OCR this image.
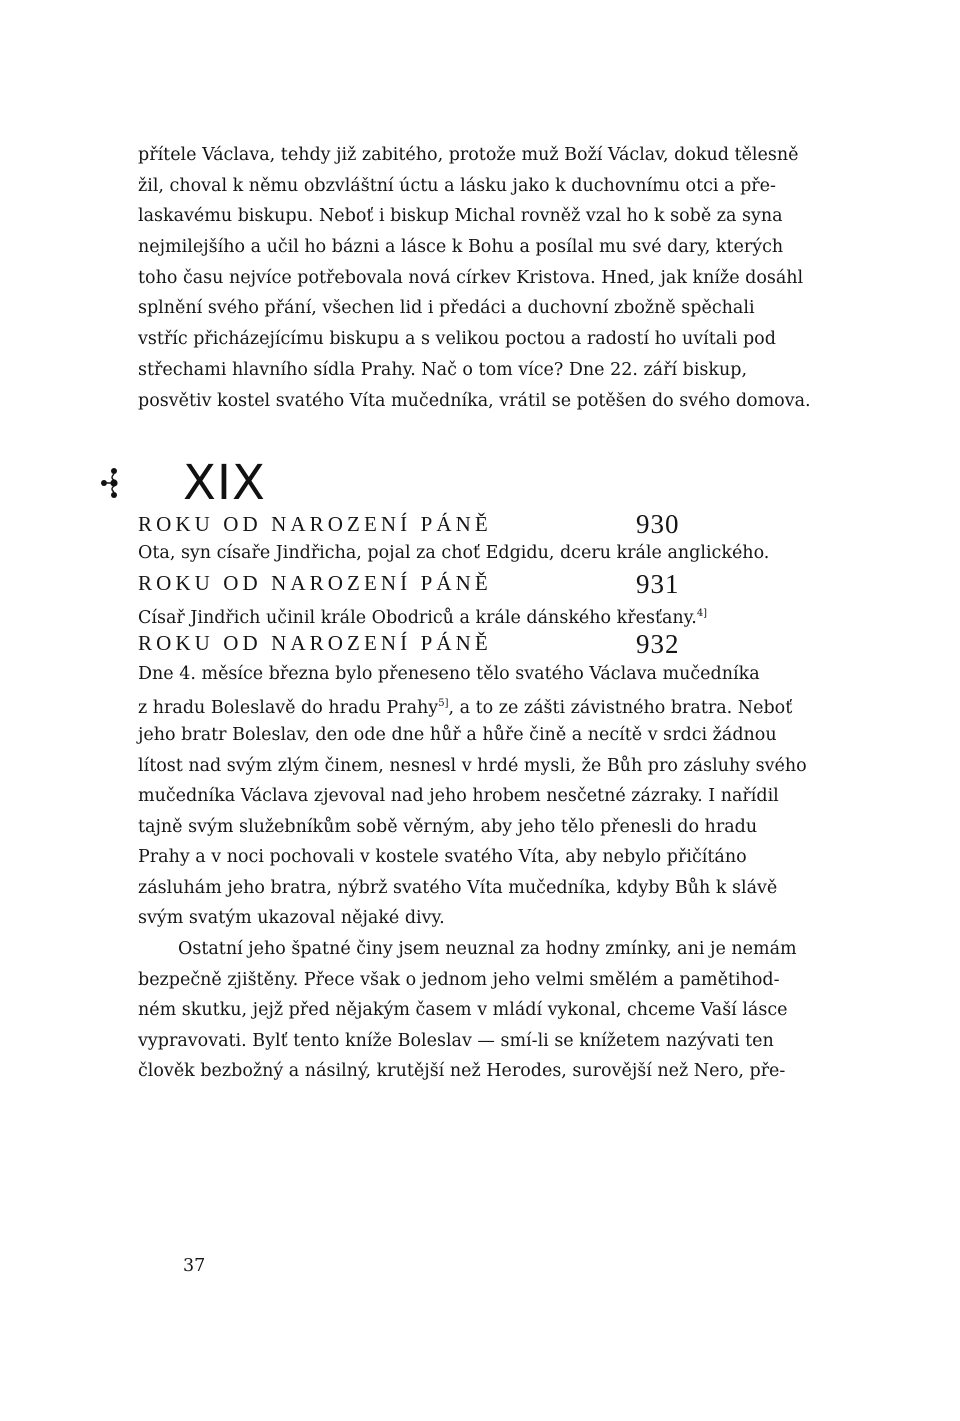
přítele Václava, tehdy již zabitého, protože muž Boží Václav, dokud tělesně
žil, choval k němu obzvláštní úctu a lásku jako k duchovnímu otci a pře-
laskavému biskupu. Neboť i biskup Michal rovněž vzal ho k sobě za syna
nejmilejšího a učil ho bázni a lásce k Bohu a posílal mu své dary, kterých
toho času nejvíce potřebovala nová církev Kristova. Hned, jak kníže dosáhl
splnění svého přání, všechen lid i předáci a duchovní zbožně spěchali
vstříc přicházejícímu biskupu a s velikou poctou a radostí ho uvítali pod
střechami hlavního sídla Prahy. Nač o tom více? Dne 22. září biskup,
posvětiv kostel svatého Víta mučedníka, vrátil se potěšen do svého domova.
XIX
ROKU OD NAROZENÍ PÁNĚ	930
Ota, syn císaře Jindřicha, pojal za choť Edgidu, dceru krále anglického.
ROKU OD NAROZENÍ PÁNĚ	931
Císař Jindřich učinil krále Obodriců a krále dánského křesťany.$^{4]}$
ROKU OD NAROZENÍ PÁNĚ	932
Dne 4. měsíce března bylo přeneseno tělo svatého Václava mučedníka
z hradu Boleslavě do hradu Prahy$^{5]}$, a to ze zášti závistného bratra. Neboť
jeho bratr Boleslav, den ode dne hůř a hůře čině a necítě v srdci žádnou
lítost nad svým zlým činem, nesnesl v hrdé mysli, že Bůh pro zásluhy svého
mučedníka Václava zjevoval nad jeho hrobem nesčetné zázraky. I nařídil
tajně svým služebníkům sobě věrným, aby jeho tělo přenesli do hradu
Prahy a v noci pochovali v kostele svatého Víta, aby nebylo přičítáno
zásluhám jeho bratra, nýbrž svatého Víta mučedníka, kdyby Bůh k slávě
svým svatým ukazoval nějaké divy.
Ostatní jeho špatné činy jsem neuznal za hodny zmínky, ani je nemám
bezpečně zjištěny. Přece však o jednom jeho velmi smělém a pamětihod-
ném skutku, jejž před nějakým časem v mládí vykonal, chceme Vaší lásce
vypravovati. Bylť tento kníže Boleslav — smí-li se knížetem nazývati ten
člověk bezbožný a násilný, krutější než Herodes, surovější než Nero, pře-
37
